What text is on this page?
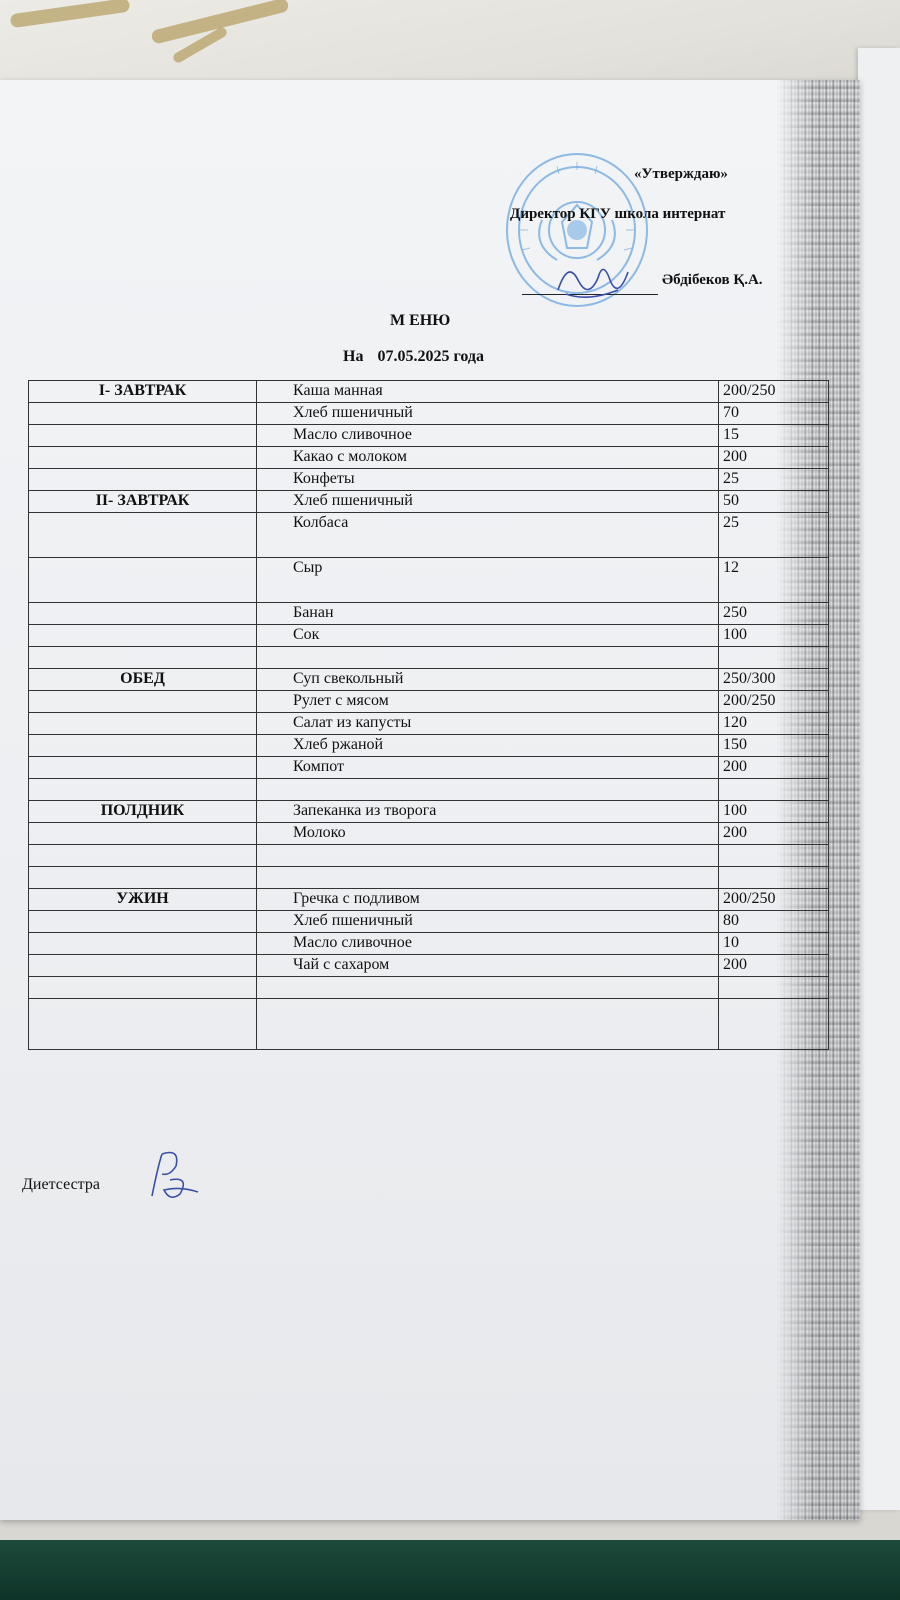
«Утверждаю»
Директор КГУ школа интернат
Әбдібеков Қ.А.
М ЕНЮ
На 07.05.2025 года
I- ЗАВТРАК	Каша манная	200/250
	Хлеб пшеничный	70
	Масло сливочное	15
	Какао с молоком	200
	Конфеты	25
II- ЗАВТРАК	Хлеб пшеничный	50
	Колбаса	25
	Сыр	12
	Банан	250
	Сок	100

ОБЕД	Суп свекольный	250/300
	Рулет с мясом	200/250
	Салат из капусты	120
	Хлеб ржаной	150
	Компот	200

ПОЛДНИК	Запеканка из творога	100
	Молоко	200

УЖИН	Гречка с подливом	200/250
	Хлеб пшеничный	80
	Масло сливочное	10
	Чай с сахаром	200

Диетсестра
